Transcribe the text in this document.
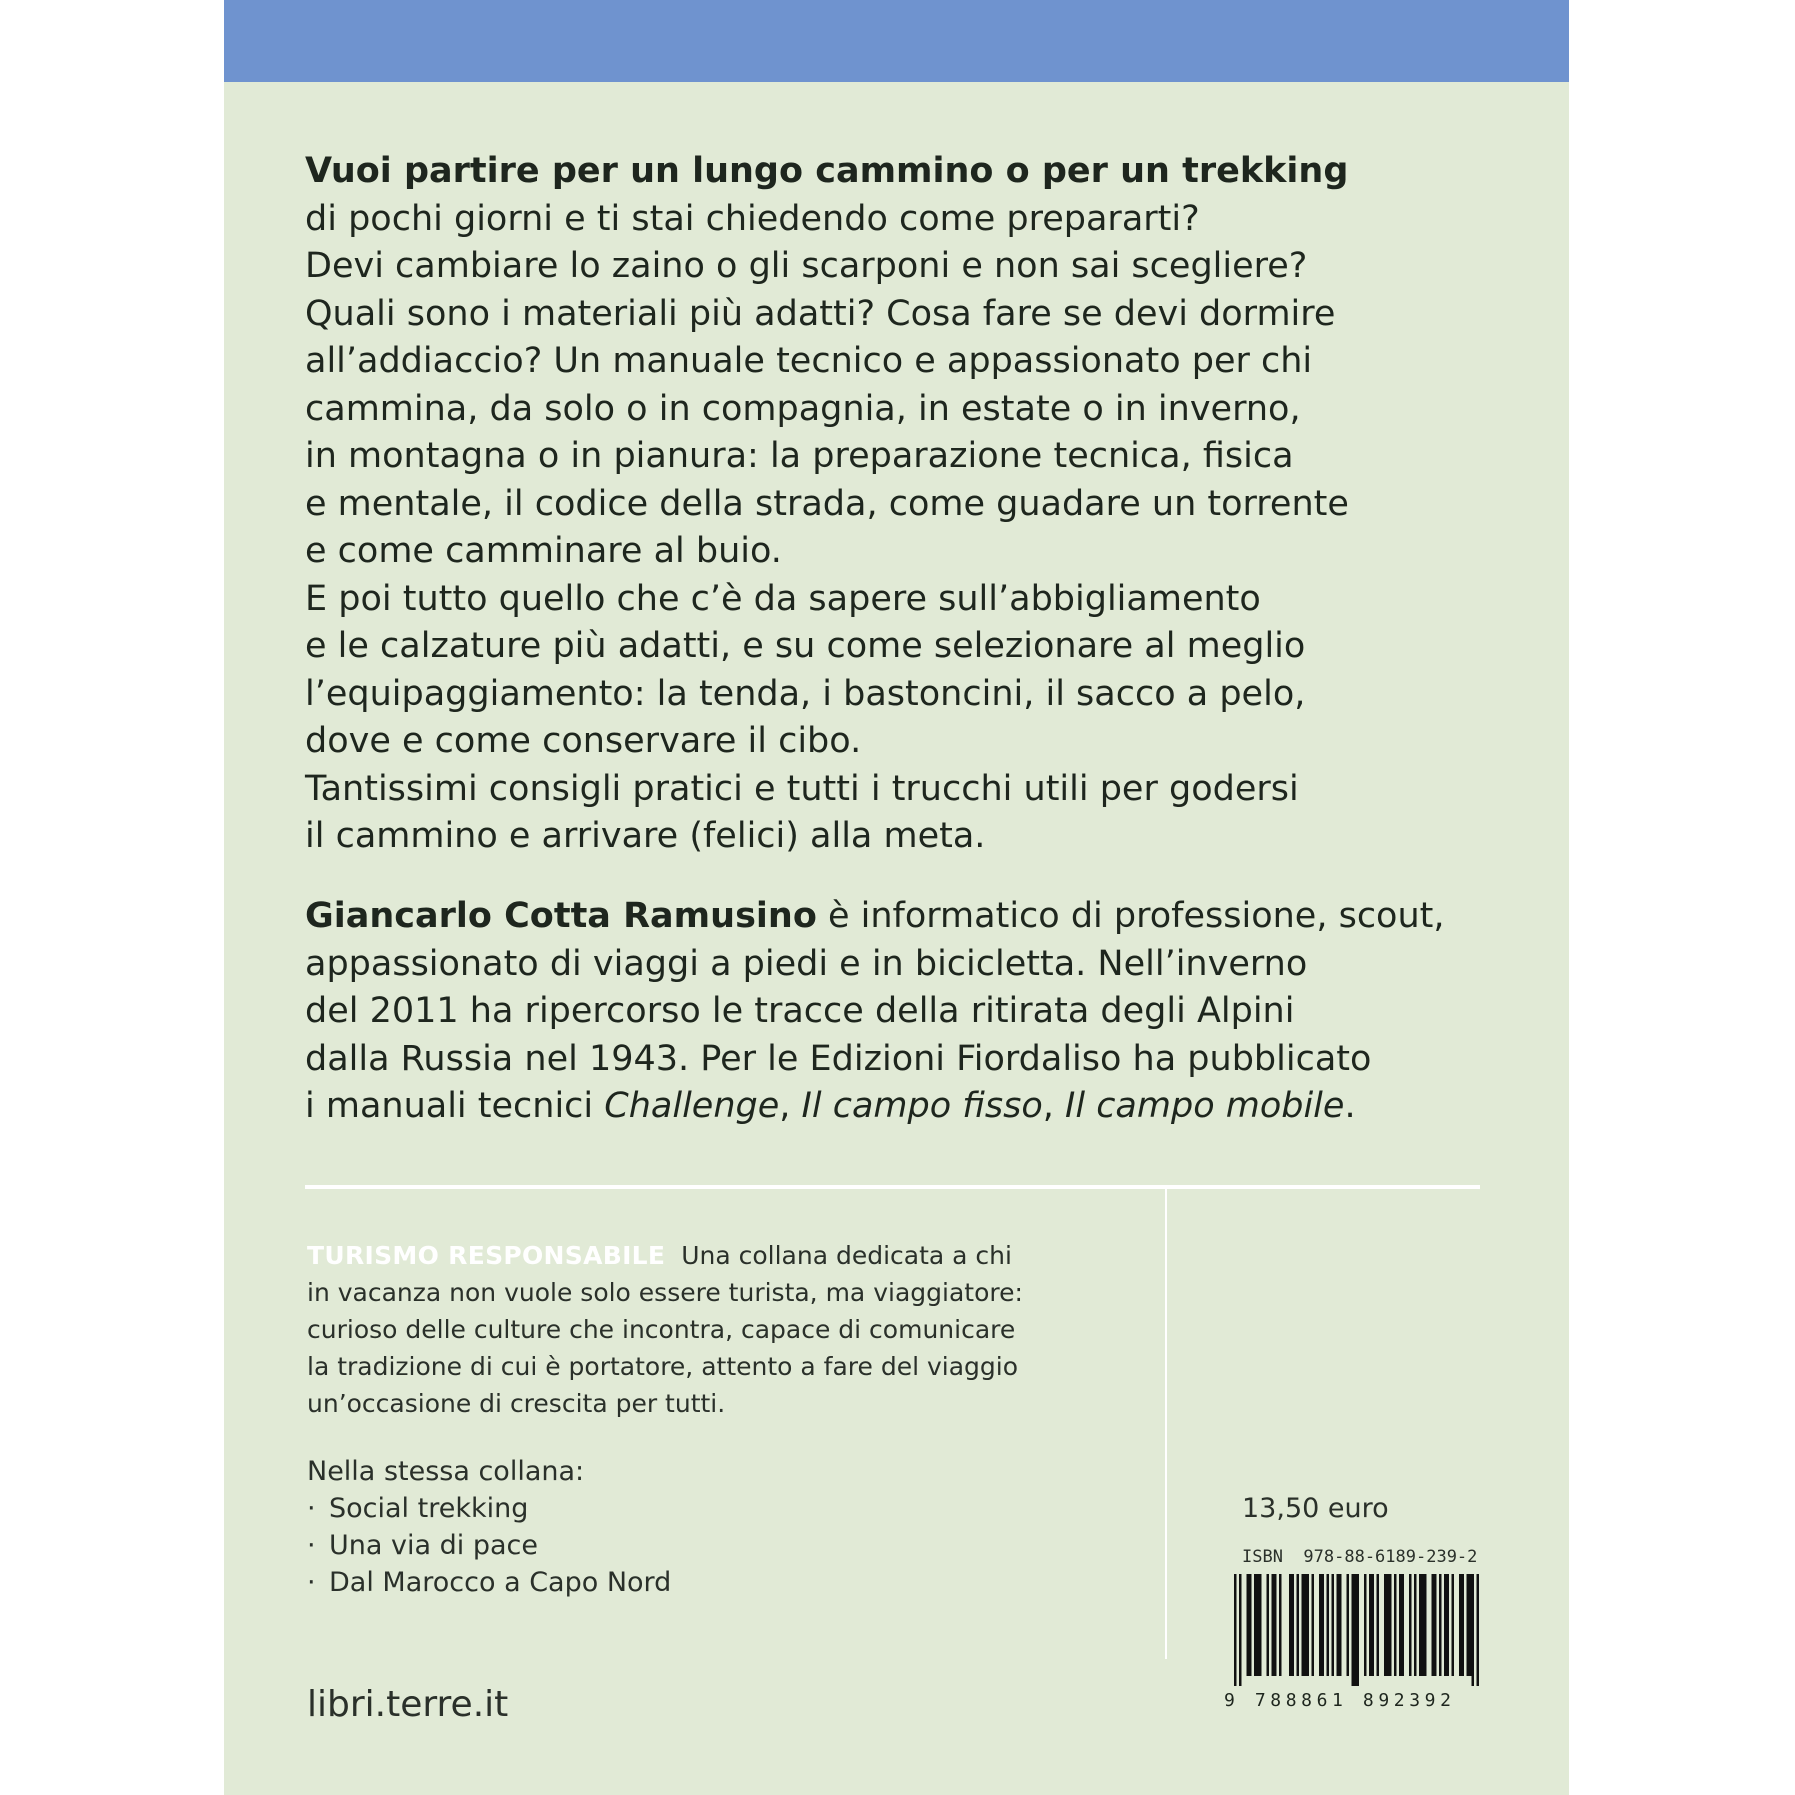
Vuoi partire per un lungo cammino o per un trekking

di pochi giorni e ti stai chiedendo come prepararti?

Devi cambiare lo zaino o gli scarponi e non sai scegliere?

Quali sono i materiali più adatti? Cosa fare se devi dormire

all’addiaccio? Un manuale tecnico e appassionato per chi

cammina, da solo o in compagnia, in estate o in inverno,

in montagna o in pianura: la preparazione tecnica, fisica

e mentale, il codice della strada, come guadare un torrente

e come camminare al buio.

E poi tutto quello che c’è da sapere sull’abbigliamento

e le calzature più adatti, e su come selezionare al meglio

l’equipaggiamento: la tenda, i bastoncini, il sacco a pelo,

dove e come conservare il cibo.

Tantissimi consigli pratici e tutti i trucchi utili per godersi

il cammino e arrivare (felici) alla meta.

Giancarlo Cotta Ramusino è informatico di professione, scout,

appassionato di viaggi a piedi e in bicicletta. Nell’inverno

del 2011 ha ripercorso le tracce della ritirata degli Alpini

dalla Russia nel 1943. Per le Edizioni Fiordaliso ha pubblicato

i manuali tecnici Challenge, Il campo fisso, Il campo mobile.

TURISMO RESPONSABILE  Una collana dedicata a chi

in vacanza non vuole solo essere turista, ma viaggiatore:

curioso delle culture che incontra, capace di comunicare

la tradizione di cui è portatore, attento a fare del viaggio

un’occasione di crescita per tutti.

Nella stessa collana:

· Social trekking
· Una via di pace
· Dal Marocco a Capo Nord
libri.terre.it
13,50 euro
ISBN  978-88-6189-239-2
9 788861 892392
